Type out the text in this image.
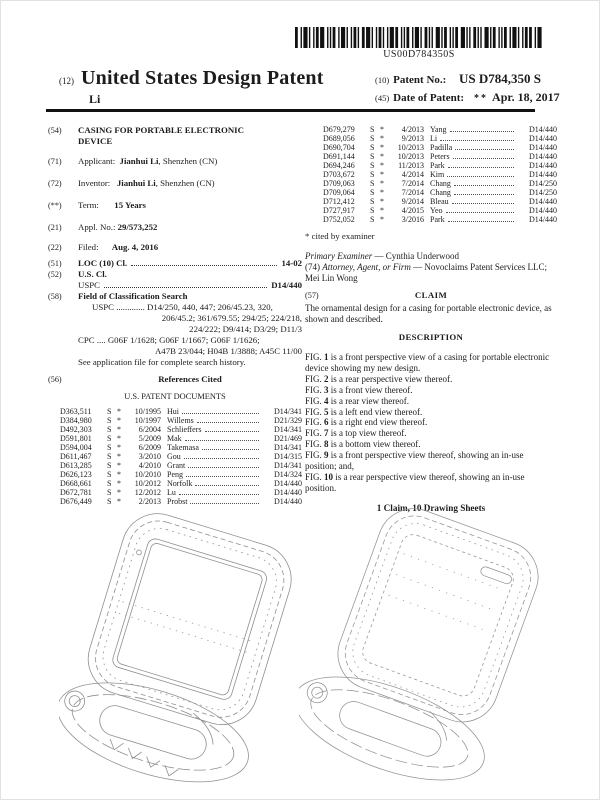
US00D784350S
(12) United States Design Patent
Li
(10) Patent No.: US D784,350 S
(45) Date of Patent:	** Apr. 18, 2017
(54)	CASING FOR PORTABLE ELECTRONIC DEVICE
(71)	Applicant: Jianhui Li, Shenzhen (CN)
(72)	Inventor: Jianhui Li, Shenzhen (CN)
(**)	Term: 15 Years
(21)	Appl. No.: 29/573,252
(22)	Filed: Aug. 4, 2016
(51)	LOC (10) Cl.	14-02
(52)	U.S. Cl.
USPC	D14/440
(58)	Field of Classification Search
USPC ............. D14/250, 440, 447; 206/45.23, 320,
206/45.2; 361/679.55; 294/25; 224/218,
224/222; D9/414; D3/29; D11/3
CPC .... G06F 1/1628; G06F 1/1667; G06F 1/1626;
A47B 23/044; H04B 1/3888; A45C 11/00
See application file for complete search history.
(56)	References Cited
U.S. PATENT DOCUMENTS
D363,511	S *	10/1995 Hui	D14/341
D384,980	S *	10/1997 Willems	D21/329
D492,303	S *	6/2004 Schlieffers	D14/341
D591,801	S *	5/2009 Mak	D21/469
D594,004	S *	6/2009 Takemasa	D14/341
D611,467	S *	3/2010 Gou	D14/315
D613,285	S *	4/2010 Grant	D14/341
D626,123	S *	10/2010 Peng	D14/324
D668,661	S *	10/2012 Norfolk	D14/440
D672,781	S *	12/2012 Lu	D14/440
D676,449	S *	2/2013 Probst	D14/440
D679,279	S *	4/2013 Yang	D14/440
D689,056	S *	9/2013 Li	D14/440
D690,704	S *	10/2013 Padilla	D14/440
D691,144	S *	10/2013 Peters	D14/440
D694,246	S *	11/2013 Park	D14/440
D703,672	S *	4/2014 Kim	D14/440
D709,063	S *	7/2014 Chang	D14/250
D709,064	S *	7/2014 Chang	D14/250
D712,412	S *	9/2014 Bleau	D14/440
D727,917	S *	4/2015 Yeo	D14/440
D752,052	S *	3/2016 Park	D14/440
* cited by examiner
Primary Examiner — Cynthia Underwood
(74) Attorney, Agent, or Firm — Novoclaims Patent Services LLC; Mei Lin Wong
(57)	CLAIM
The ornamental design for a casing for portable electronic device, as shown and described.
DESCRIPTION

FIG. 1 is a front perspective view of a casing for portable electronic device showing my new design.

FIG. 2 is a rear perspective view thereof.

FIG. 3 is a front view thereof.

FIG. 4 is a rear view thereof.

FIG. 5 is a left end view thereof.

FIG. 6 is a right end view thereof.

FIG. 7 is a top view thereof.

FIG. 8 is a bottom view thereof.

FIG. 9 is a front perspective view thereof, showing an in-use position; and,

FIG. 10 is a rear perspective view thereof, showing an in-use position.

1 Claim, 10 Drawing Sheets
